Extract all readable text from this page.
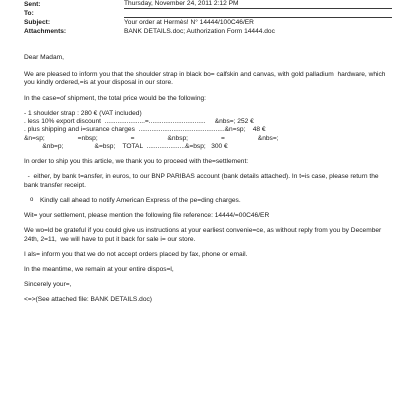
Sent:	Thursday, November 24, 2011 2:12 PM
To:
Subject:	Your order at Hermès! N° 14444/100C46/ER
Attachments:	BANK DETAILS.doc; Authorization Form 14444.doc

Dear Madam,

We are pleased to inform you that the shoulder strap in black bo= calfskin and canvas, with gold palladium  hardware, which you kindly ordered,=is at your disposal in our store.

In the case=of shipment, the total price would be the following:

- 1 shoulder strap : 280 € (VAT included)
. less 10% export discount  ......................=...............................     &nbs=; 252 €
. plus shipping and i=surance charges  ...............................................&n=sp;    48 €
&n=sp;                  =nbsp;                  =                  &nbsp;                  =                  &nbs=;
&nb=p;                 &=bsp;    TOTAL  .....................&=bsp;   300 €

In order to ship you this article, we thank you to proceed with the=settlement:

-  either, by bank t=ansfer, in euros, to our BNP PARIBAS account (bank details attached). In t=is case, please return the bank transfer receipt.

o	Kindly call ahead to notify American Express of the pe=ding charges.

Wit= your settlement, please mention the following file reference: 14444/=00C46/ER

We wo=ld be grateful if you could give us instructions at your earliest convenie=ce, as without reply from you by December 24th, 2=11,  we will have to put it back for sale i= our store.

I als= inform you that we do not accept orders placed by fax, phone or email.

In the meantime, we remain at your entire dispos=l,

Sincerely your=,

<=>(See attached file: BANK DETAILS.doc)
